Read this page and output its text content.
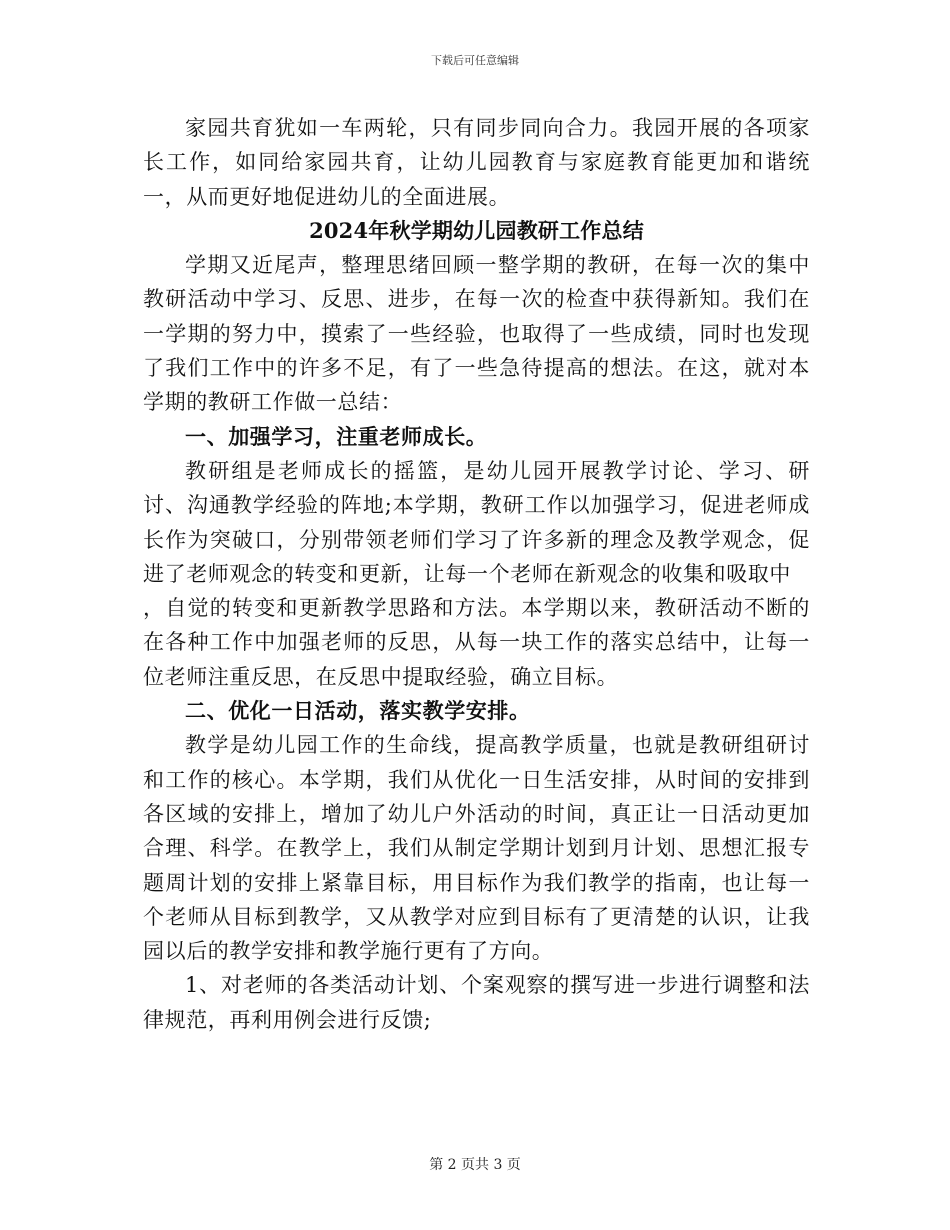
下载后可任意编辑

家园共育犹如一车两轮，只有同步同向合力。我园开展的各项家长工作，如同给家园共育，让幼儿园教育与家庭教育能更加和谐统一，从而更好地促进幼儿的全面进展。

2024年秋学期幼儿园教研工作总结

学期又近尾声，整理思绪回顾一整学期的教研，在每一次的集中教研活动中学习、反思、进步，在每一次的检查中获得新知。我们在一学期的努力中，摸索了一些经验，也取得了一些成绩，同时也发现了我们工作中的许多不足，有了一些急待提高的想法。在这，就对本学期的教研工作做一总结：

一、加强学习，注重老师成长。

教研组是老师成长的摇篮，是幼儿园开展教学讨论、学习、研讨、沟通教学经验的阵地;本学期，教研工作以加强学习，促进老师成长作为突破口，分别带领老师们学习了许多新的理念及教学观念，促进了老师观念的转变和更新，让每一个老师在新观念的收集和吸取中

，自觉的转变和更新教学思路和方法。本学期以来，教研活动不断的在各种工作中加强老师的反思，从每一块工作的落实总结中，让每一位老师注重反思，在反思中提取经验，确立目标。

二、优化一日活动，落实教学安排。

教学是幼儿园工作的生命线，提高教学质量，也就是教研组研讨和工作的核心。本学期，我们从优化一日生活安排，从时间的安排到各区域的安排上，增加了幼儿户外活动的时间，真正让一日活动更加合理、科学。在教学上，我们从制定学期计划到月计划、思想汇报专题周计划的安排上紧靠目标，用目标作为我们教学的指南，也让每一个老师从目标到教学，又从教学对应到目标有了更清楚的认识，让我园以后的教学安排和教学施行更有了方向。

1、对老师的各类活动计划、个案观察的撰写进一步进行调整和法律规范，再利用例会进行反馈;

第 2 页共 3 页
